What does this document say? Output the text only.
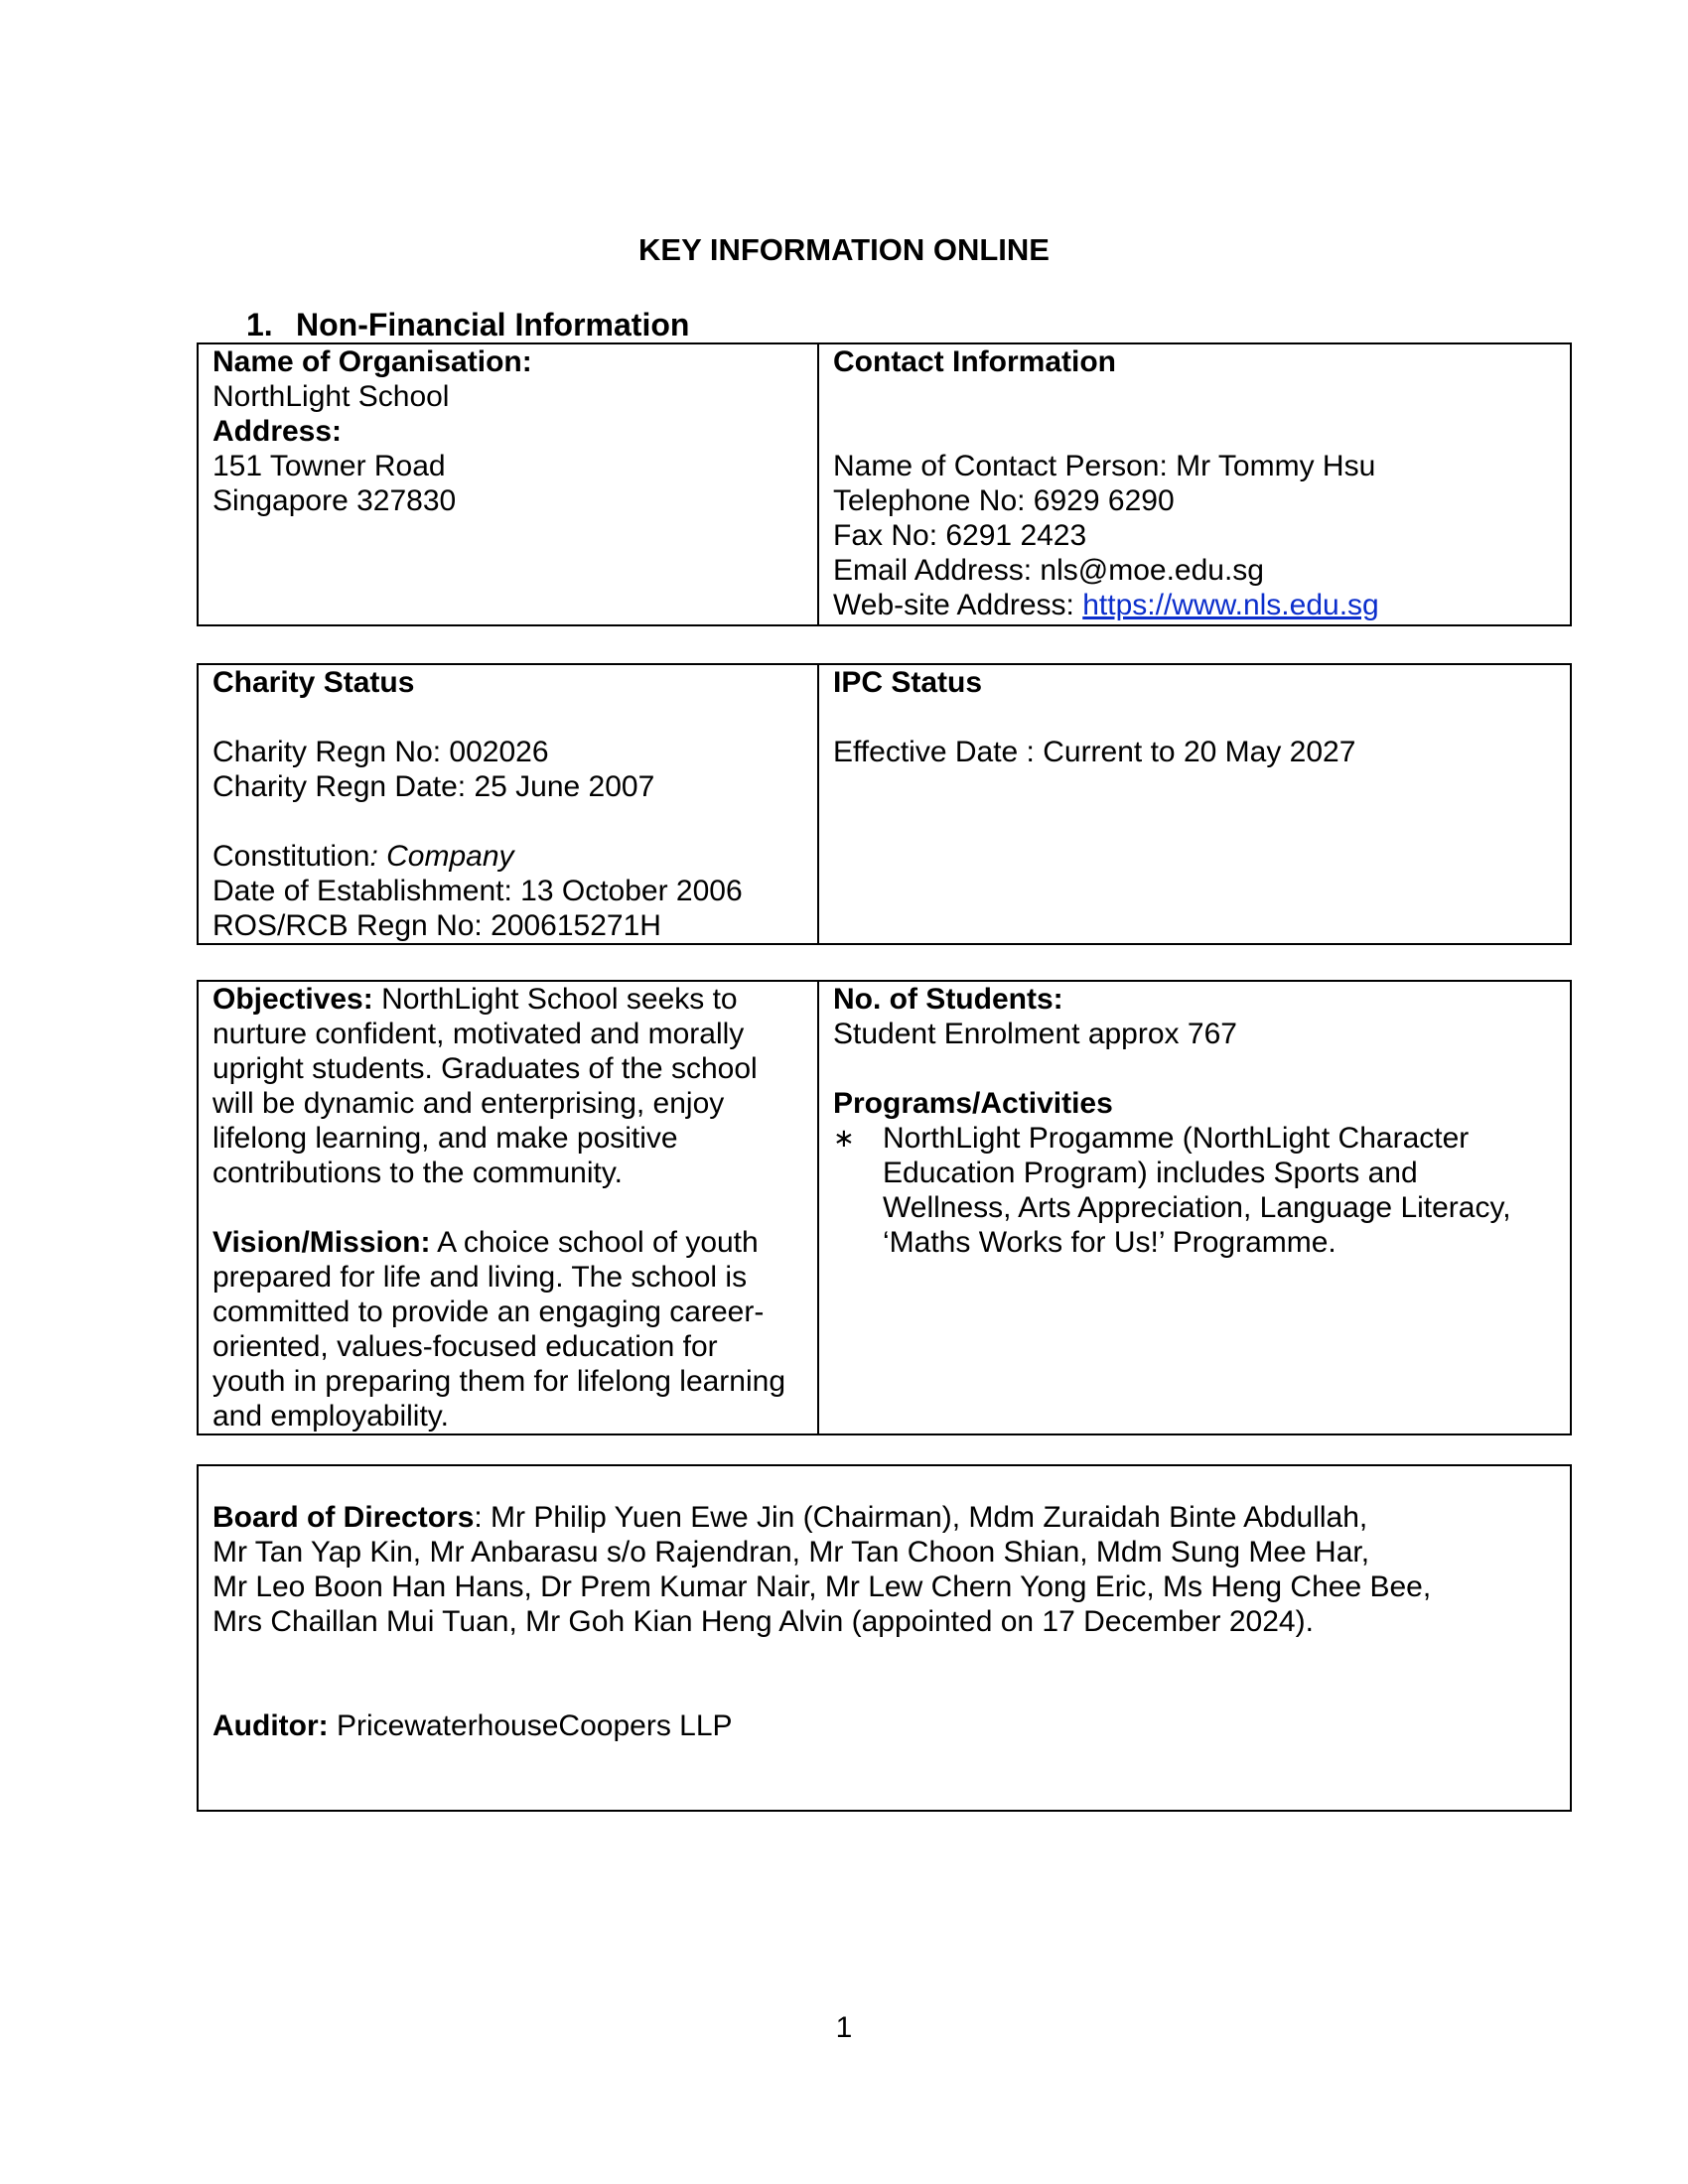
KEY INFORMATION ONLINE
1. Non-Financial Information
Name of Organisation:
NorthLight School
Address:
151 Towner Road
Singapore 327830

Contact Information
Name of Contact Person: Mr Tommy Hsu
Telephone No: 6929 6290
Fax No: 6291 2423
Email Address: nls@moe.edu.sg
Web-site Address: https://www.nls.edu.sg
Charity Status
Charity Regn No: 002026
Charity Regn Date: 25 June 2007
Constitution: Company
Date of Establishment: 13 October 2006
ROS/RCB Regn No: 200615271H

IPC Status
Effective Date : Current to 20 May 2027
Objectives: NorthLight School seeks to
nurture confident, motivated and morally
upright students. Graduates of the school
will be dynamic and enterprising, enjoy
lifelong learning, and make positive
contributions to the community.
Vision/Mission: A choice school of youth
prepared for life and living. The school is
committed to provide an engaging career-
oriented, values-focused education for
youth in preparing them for lifelong learning
and employability.

No. of Students:
Student Enrolment approx 767
Programs/Activities
∗ NorthLight Progamme (NorthLight Character
Education Program) includes Sports and
Wellness, Arts Appreciation, Language Literacy,
‘Maths Works for Us!’ Programme.
Board of Directors: Mr Philip Yuen Ewe Jin (Chairman), Mdm Zuraidah Binte Abdullah,
Mr Tan Yap Kin, Mr Anbarasu s/o Rajendran, Mr Tan Choon Shian, Mdm Sung Mee Har,
Mr Leo Boon Han Hans, Dr Prem Kumar Nair, Mr Lew Chern Yong Eric, Ms Heng Chee Bee,
Mrs Chaillan Mui Tuan, Mr Goh Kian Heng Alvin (appointed on 17 December 2024).
Auditor: PricewaterhouseCoopers LLP
1
